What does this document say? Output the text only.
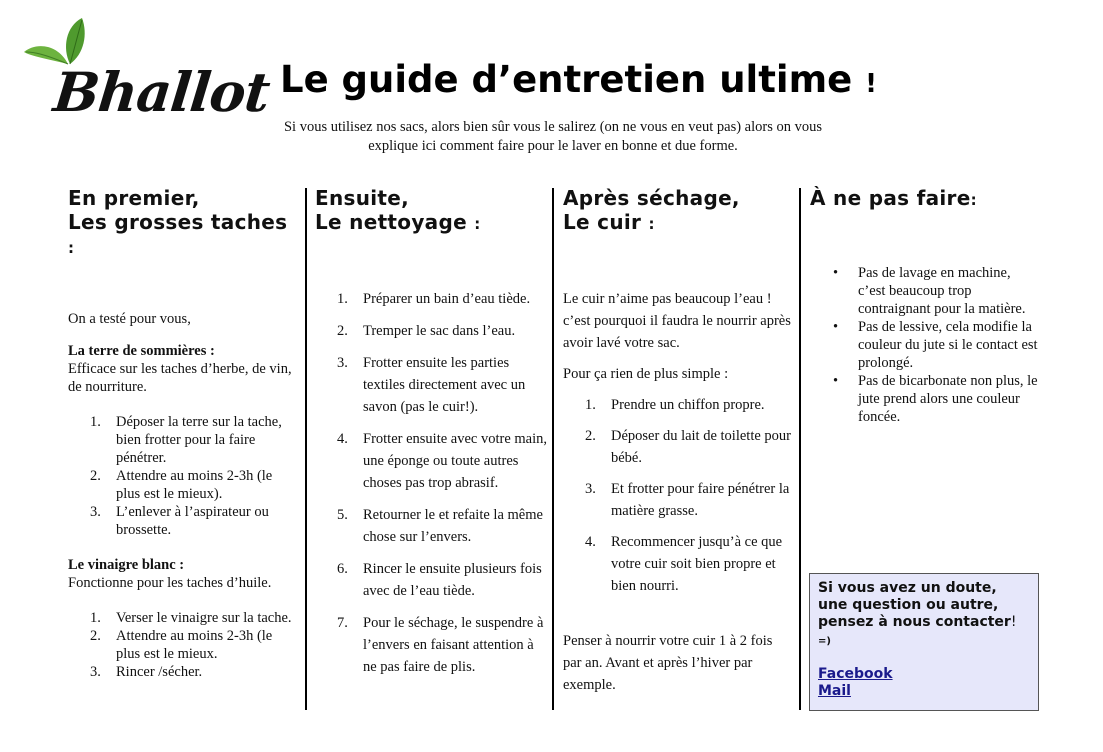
Bhallot Le guide d’entretien ultime !
Si vous utilisez nos sacs, alors bien sûr vous le salirez (on ne vous en veut pas) alors on vous explique ici comment faire pour le laver en bonne et due forme.
En premier,
Les grosses taches :

On a testé pour vous,

La terre de sommières :

Efficace sur les taches d’herbe, de vin, de nourriture.

1. Déposer la terre sur la tache, bien frotter pour la faire pénétrer.
2. Attendre au moins 2-3h (le plus est le mieux).
3. L’enlever à l’aspirateur ou brossette.

Le vinaigre blanc :

Fonctionne pour les taches d’huile.

1. Verser le vinaigre sur la tache.
2. Attendre au moins 2-3h (le plus est le mieux.
3. Rincer /sécher.
Ensuite,
Le nettoyage :
1. Préparer un bain d’eau tiède.
2. Tremper le sac dans l’eau.
3. Frotter ensuite les parties textiles directement avec un savon (pas le cuir!).
4. Frotter ensuite avec votre main, une éponge ou toute autres choses pas trop abrasif.
5. Retourner le et refaite la même chose sur l’envers.
6. Rincer le ensuite plusieurs fois avec de l’eau tiède.
7. Pour le séchage, le suspendre à l’envers en faisant attention à ne pas faire de plis.
Après séchage,
Le cuir :

Le cuir n’aime pas beaucoup l’eau ! c’est pourquoi il faudra le nourrir après avoir lavé votre sac.

Pour ça rien de plus simple :

1. Prendre un chiffon propre.
2. Déposer du lait de toilette pour bébé.
3. Et frotter pour faire pénétrer la matière grasse.
4. Recommencer jusqu’à ce que votre cuir soit bien propre et bien nourri.

Penser à nourrir votre cuir 1 à 2 fois par an. Avant et après l’hiver par exemple.

À ne pas faire:
• Pas de lavage en machine, c’est beaucoup trop contraignant pour la matière.
• Pas de lessive, cela modifie la couleur du jute si le contact est prolongé.
• Pas de bicarbonate non plus, le jute prend alors une couleur foncée.
Si vous avez un doute, une question ou autre, pensez à nous contacter!
=)
Facebook
Mail
